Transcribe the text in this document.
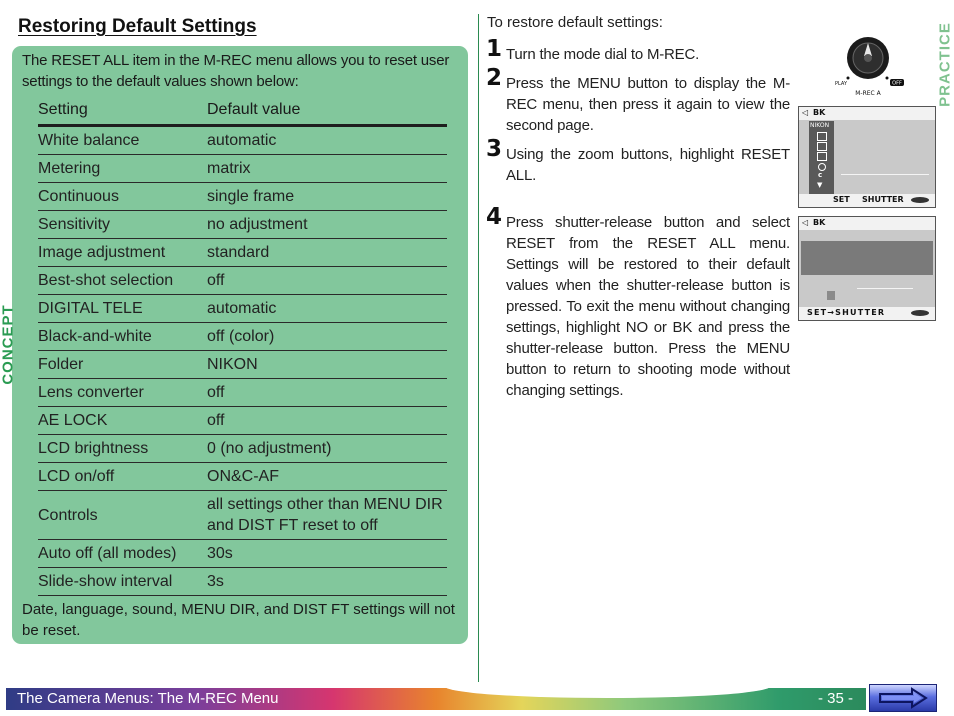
Restoring Default Settings

The RESET ALL item in the M-REC menu allows you to reset user settings to the default values shown below:

Setting	Default value
White balance	automatic
Metering	matrix
Continuous	single frame
Sensitivity	no adjustment
Image adjustment	standard
Best-shot selection	off
DIGITAL TELE	automatic
Black-and-white	off (color)
Folder	NIKON
Lens converter	off
AE LOCK	off
LCD brightness	0 (no adjustment)
LCD on/off	ON&C-AF
Controls	all settings other than MENU DIR and DIST FT reset to off
Auto off (all modes)	30s
Slide-show interval	3s

Date, language, sound, MENU DIR, and DIST FT settings will not be reset.

CONCEPT

To restore default settings:

1 Turn the mode dial to M-REC.
2 Press the MENU button to display the M-REC menu, then press it again to view the second page.
3 Using the zoom buttons, highlight RESET ALL.
4 Press shutter-release button and select RESET from the RESET ALL menu. Settings will be restored to their default values when the shutter-release button is pressed. To exit the menu without changing settings, highlight NO or BK and press the shutter-release button. Press the MENU button to return to shooting mode without changing settings.
PRACTICE
OFF
PLAY
M-REC A
◁ BK
NIKON
c
▼
SET SHUTTER
◁ BK
SET→SHUTTER
The Camera Menus: The M-REC Menu	- 35 -
